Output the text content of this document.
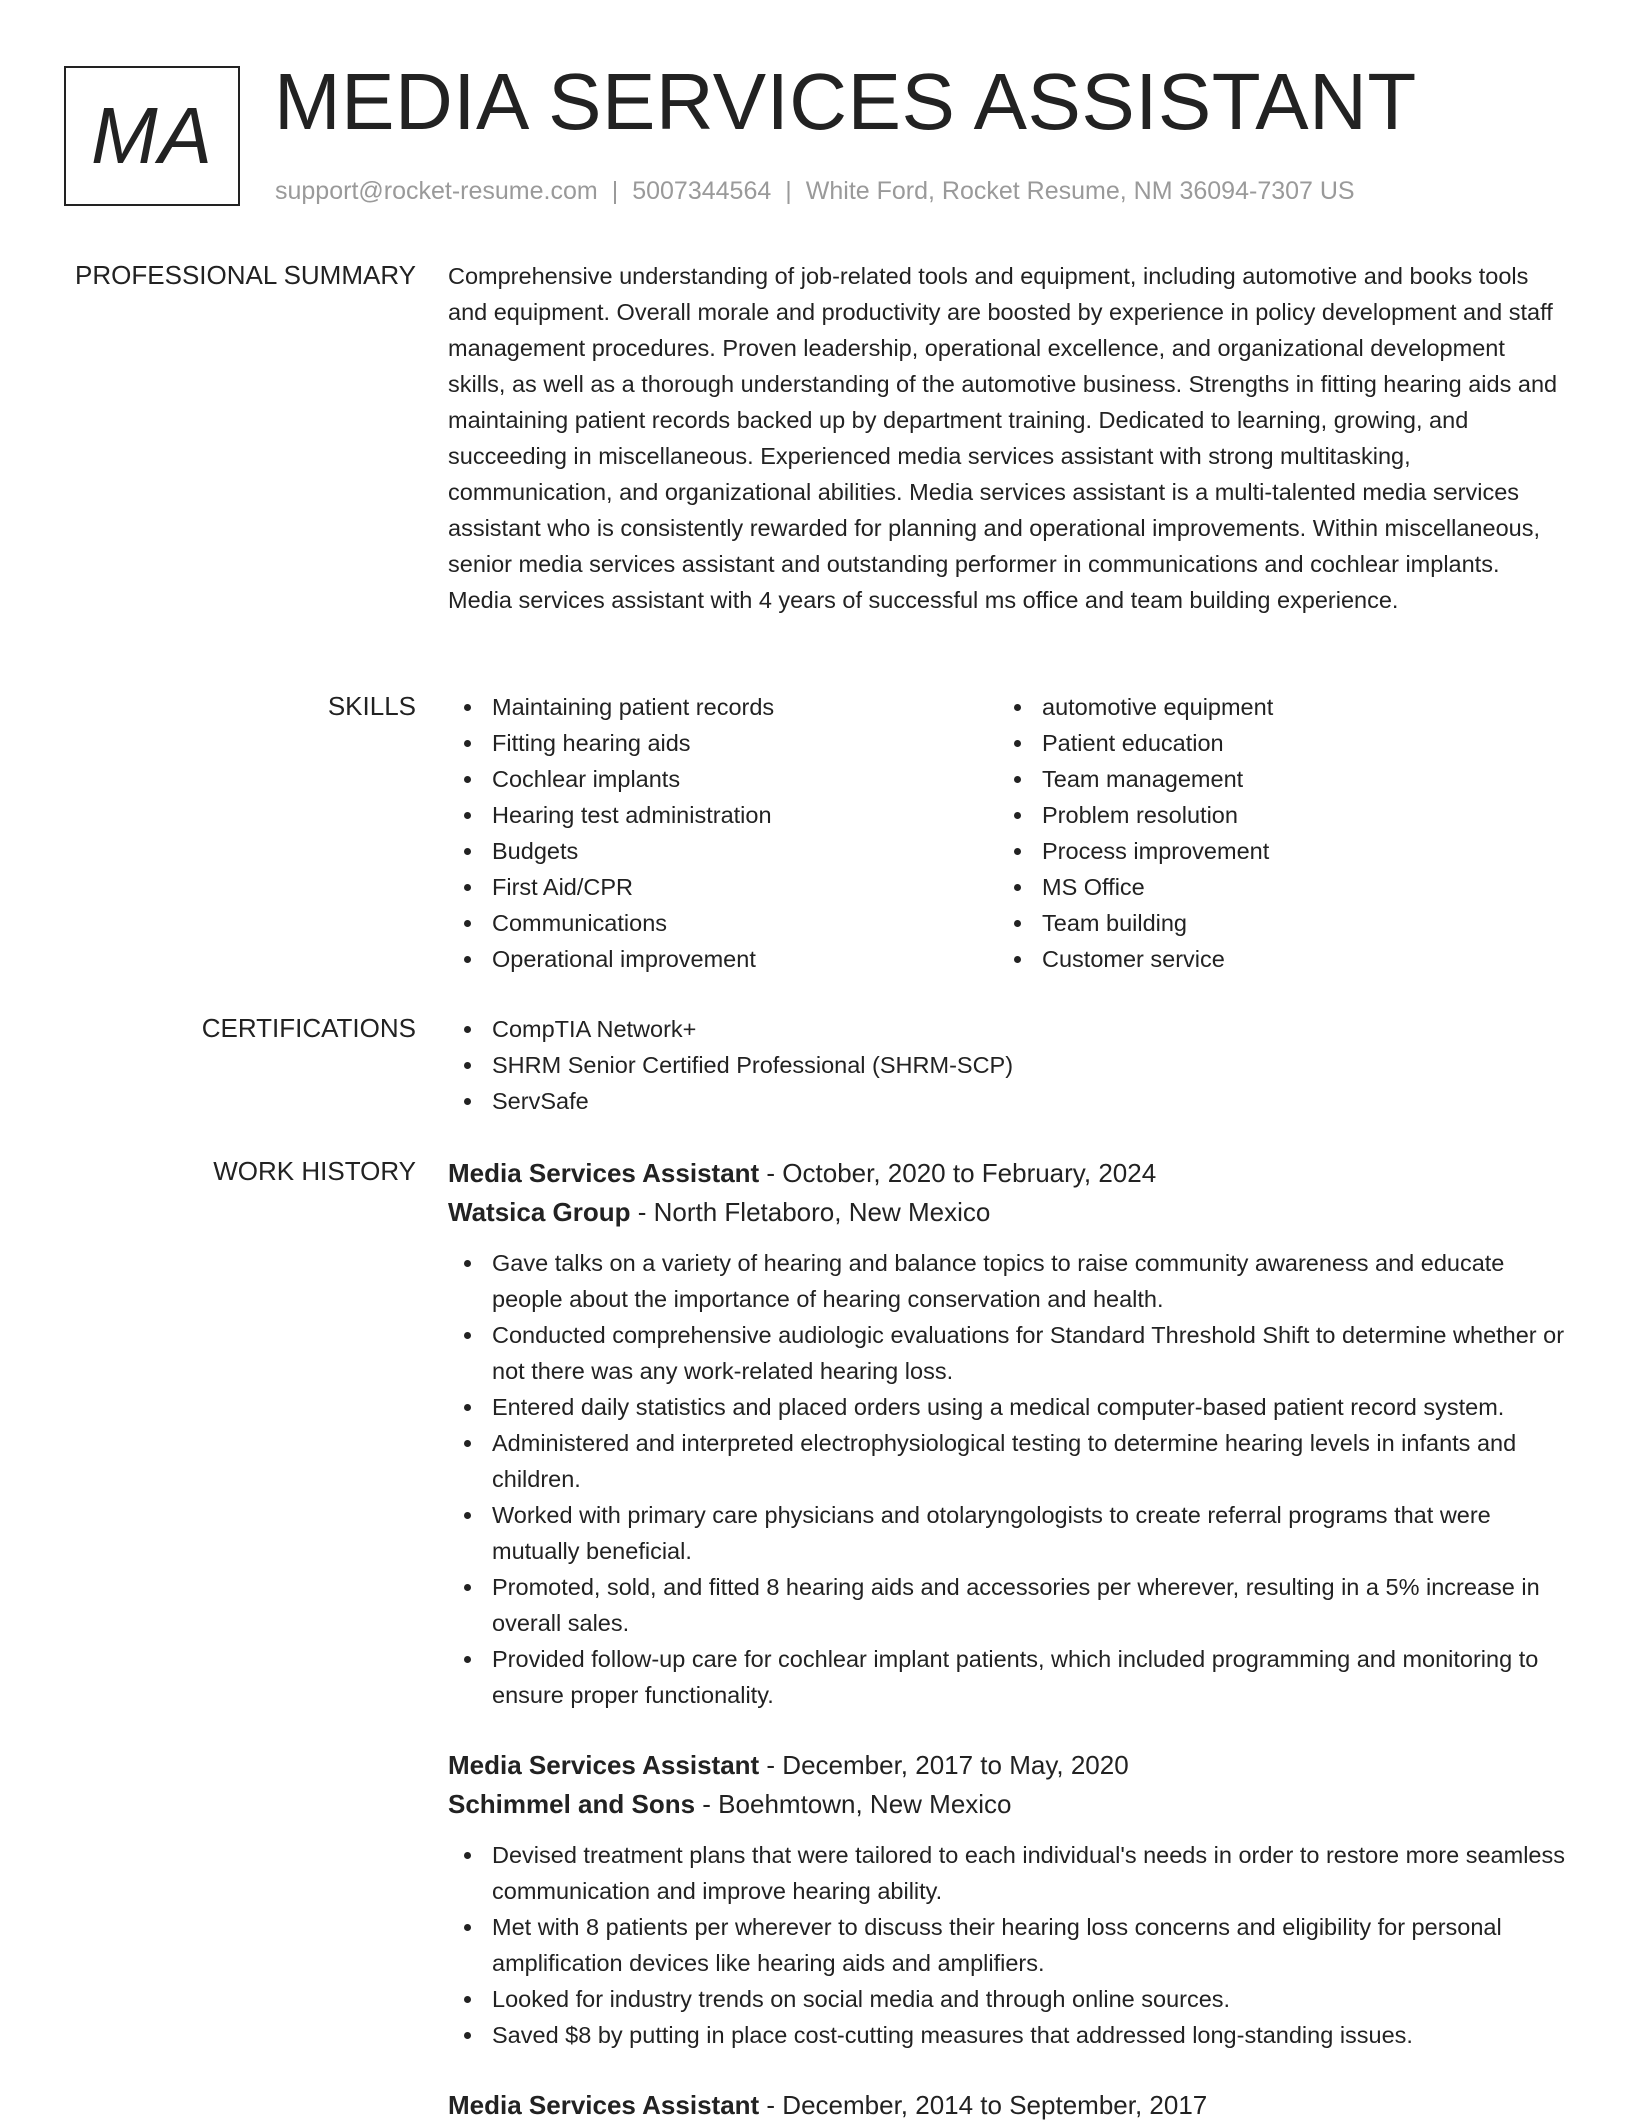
MA MEDIA SERVICES ASSISTANT
support@rocket-resume.com | 5007344564 | White Ford, Rocket Resume, NM 36094-7307 US
PROFESSIONAL SUMMARY Comprehensive understanding of job-related tools and equipment, including automotive and books tools and equipment. Overall morale and productivity are boosted by experience in policy development and staff management procedures. Proven leadership, operational excellence, and organizational development skills, as well as a thorough understanding of the automotive business. Strengths in fitting hearing aids and maintaining patient records backed up by department training. Dedicated to learning, growing, and succeeding in miscellaneous. Experienced media services assistant with strong multitasking, communication, and organizational abilities. Media services assistant is a multi-talented media services assistant who is consistently rewarded for planning and operational improvements. Within miscellaneous, senior media services assistant and outstanding performer in communications and cochlear implants. Media services assistant with 4 years of successful ms office and team building experience.

SKILLS	Maintaining patient records
Fitting hearing aids
Cochlear implants
Hearing test administration
Budgets
First Aid/CPR
Communications
Operational improvement
automotive equipment
Patient education
Team management
Problem resolution
Process improvement
MS Office
Team building
Customer service
CERTIFICATIONS	CompTIA Network+
SHRM Senior Certified Professional (SHRM-SCP)
ServSafe
WORK HISTORY Media Services Assistant - October, 2020 to February, 2024
Watsica Group - North Fletaboro, New Mexico
Gave talks on a variety of hearing and balance topics to raise community awareness and educate people about the importance of hearing conservation and health.
Conducted comprehensive audiologic evaluations for Standard Threshold Shift to determine whether or not there was any work-related hearing loss.
Entered daily statistics and placed orders using a medical computer-based patient record system.
Administered and interpreted electrophysiological testing to determine hearing levels in infants and children.
Worked with primary care physicians and otolaryngologists to create referral programs that were mutually beneficial.
Promoted, sold, and fitted 8 hearing aids and accessories per wherever, resulting in a 5% increase in overall sales.
Provided follow-up care for cochlear implant patients, which included programming and monitoring to ensure proper functionality.
Media Services Assistant - December, 2017 to May, 2020
Schimmel and Sons - Boehmtown, New Mexico
Devised treatment plans that were tailored to each individual's needs in order to restore more seamless communication and improve hearing ability.
Met with 8 patients per wherever to discuss their hearing loss concerns and eligibility for personal amplification devices like hearing aids and amplifiers.
Looked for industry trends on social media and through online sources.
Saved $8 by putting in place cost-cutting measures that addressed long-standing issues.
Media Services Assistant - December, 2014 to September, 2017
